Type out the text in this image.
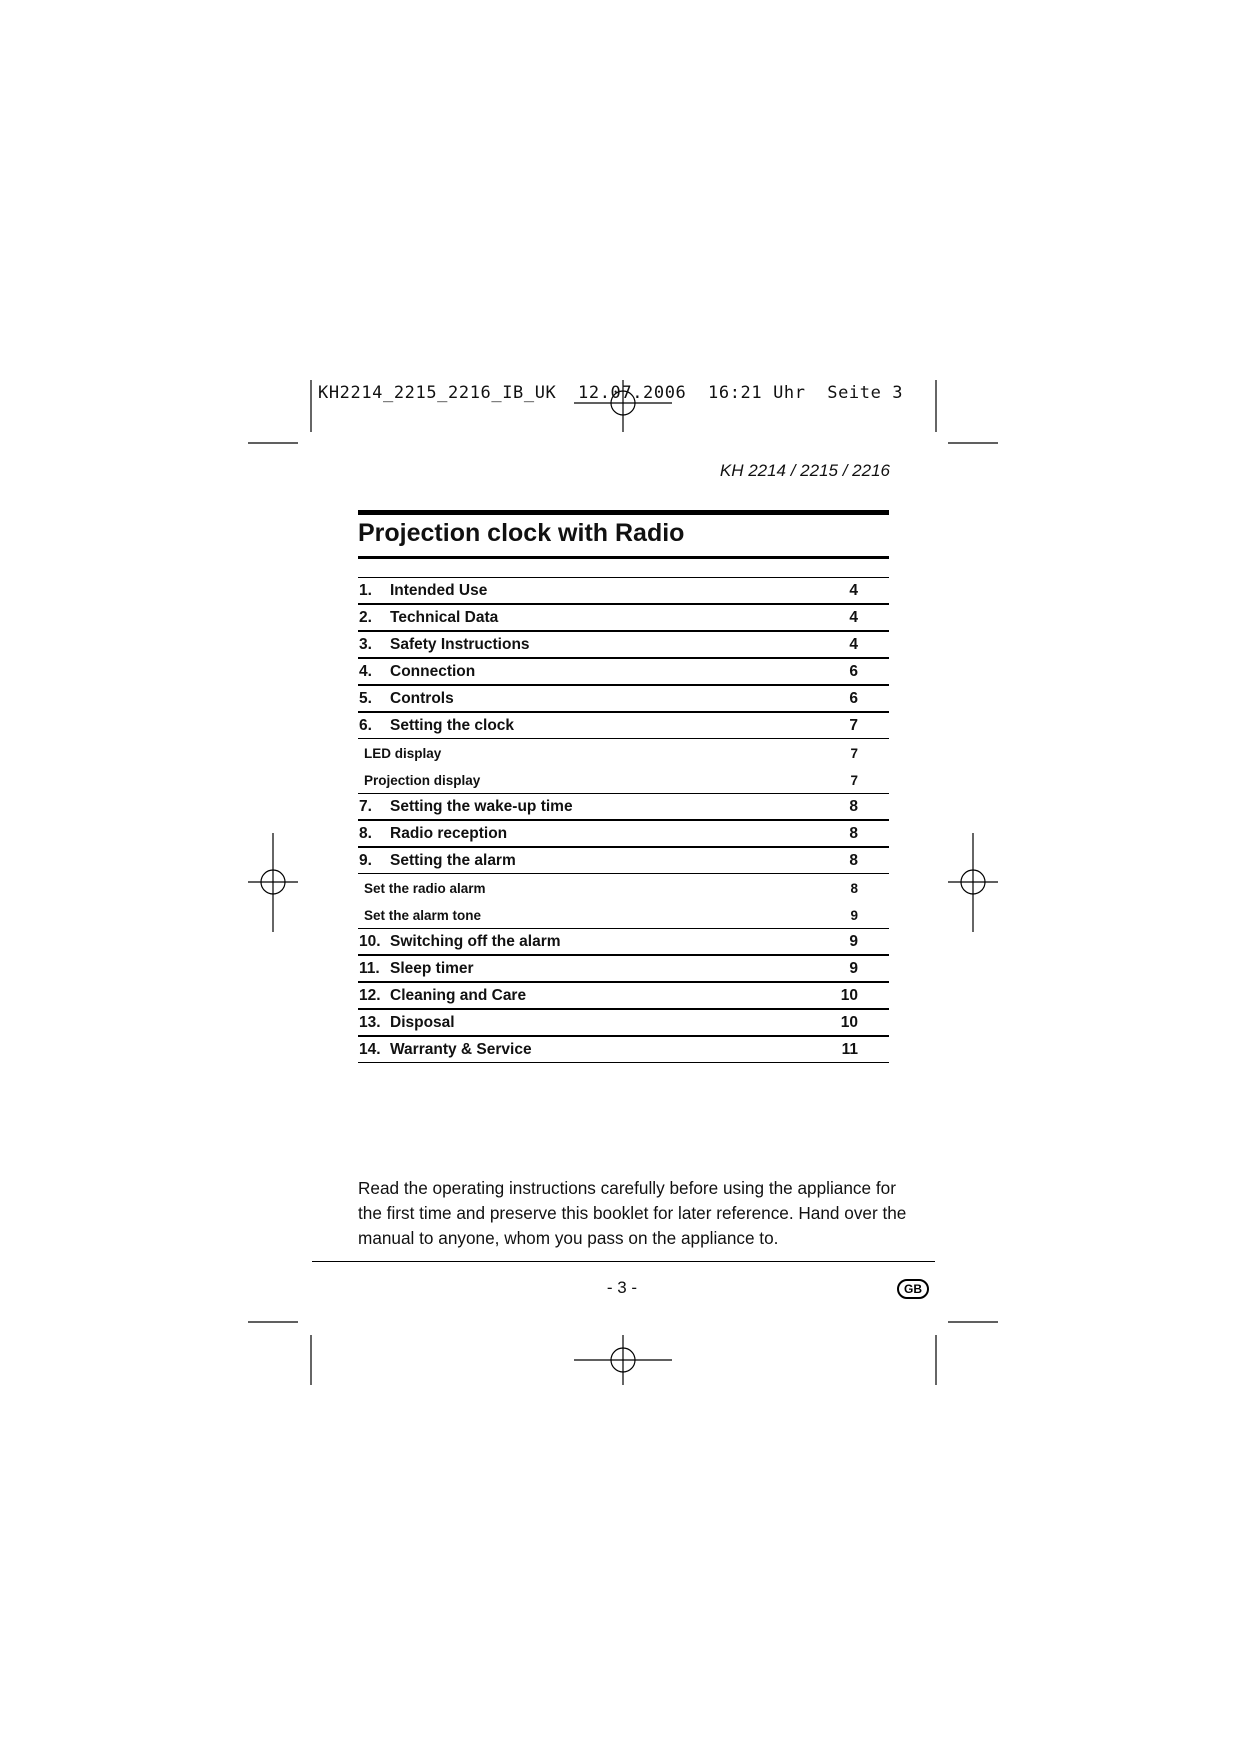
KH2214_2215_2216_IB_UK  12.07.2006  16:21 Uhr  Seite 3
KH 2214 / 2215 / 2216
Projection clock with Radio
1. Intended Use	4
2. Technical Data	4
3. Safety Instructions	4
4. Connection	6
5. Controls	6
6. Setting the clock	7
LED display	7
Projection display	7
7. Setting the wake-up time	8
8. Radio reception	8
9. Setting the alarm	8
Set the radio alarm	8
Set the alarm tone	9
10. Switching off the alarm	9
11. Sleep timer	9
12. Cleaning and Care	10
13. Disposal	10
14. Warranty & Service	11

Read the operating instructions carefully before using the appliance for

the first time and preserve this booklet for later reference. Hand over the

manual to anyone, whom you pass on the appliance to.

- 3 -	GB
